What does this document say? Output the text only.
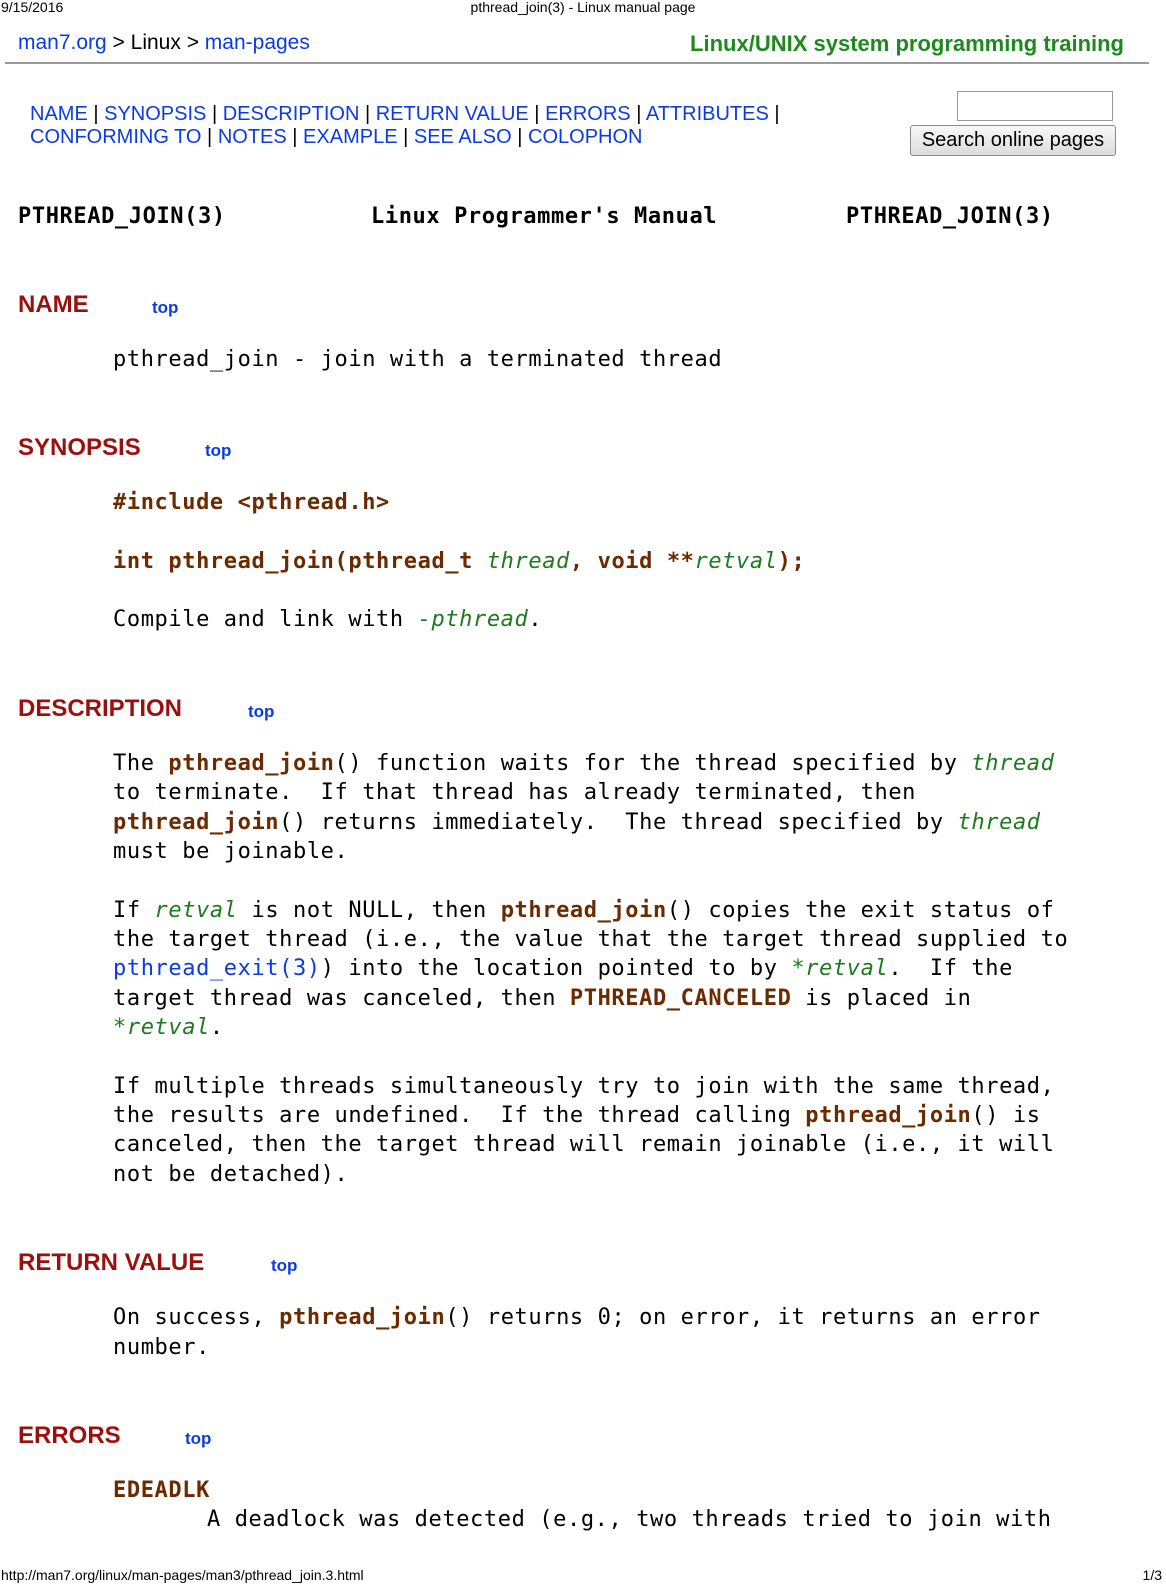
9/15/2016	pthread_join(3) - Linux manual page
man7.org > Linux > man-pages	Linux/UNIX system programming training
NAME | SYNOPSIS | DESCRIPTION | RETURN VALUE | ERRORS | ATTRIBUTES |
CONFORMING TO | NOTES | EXAMPLE | SEE ALSO | COLOPHON	Search online pages
PTHREAD_JOIN(3)	Linux Programmer's Manual	PTHREAD_JOIN(3)
NAME	top
pthread_join - join with a terminated thread
SYNOPSIS	top
#include <pthread.h>
int pthread_join(pthread_t thread, void **retval);
Compile and link with -pthread.
DESCRIPTION	top
The pthread_join() function waits for the thread specified by thread
to terminate.  If that thread has already terminated, then
pthread_join() returns immediately.  The thread specified by thread
must be joinable.
If retval is not NULL, then pthread_join() copies the exit status of
the target thread (i.e., the value that the target thread supplied to
pthread_exit(3)) into the location pointed to by *retval.  If the
target thread was canceled, then PTHREAD_CANCELED is placed in
*retval.
If multiple threads simultaneously try to join with the same thread,
the results are undefined.  If the thread calling pthread_join() is
canceled, then the target thread will remain joinable (i.e., it will
not be detached).
RETURN VALUE	top
On success, pthread_join() returns 0; on error, it returns an error
number.
ERRORS	top
EDEADLK
A deadlock was detected (e.g., two threads tried to join with
http://man7.org/linux/man-pages/man3/pthread_join.3.html	1/3
